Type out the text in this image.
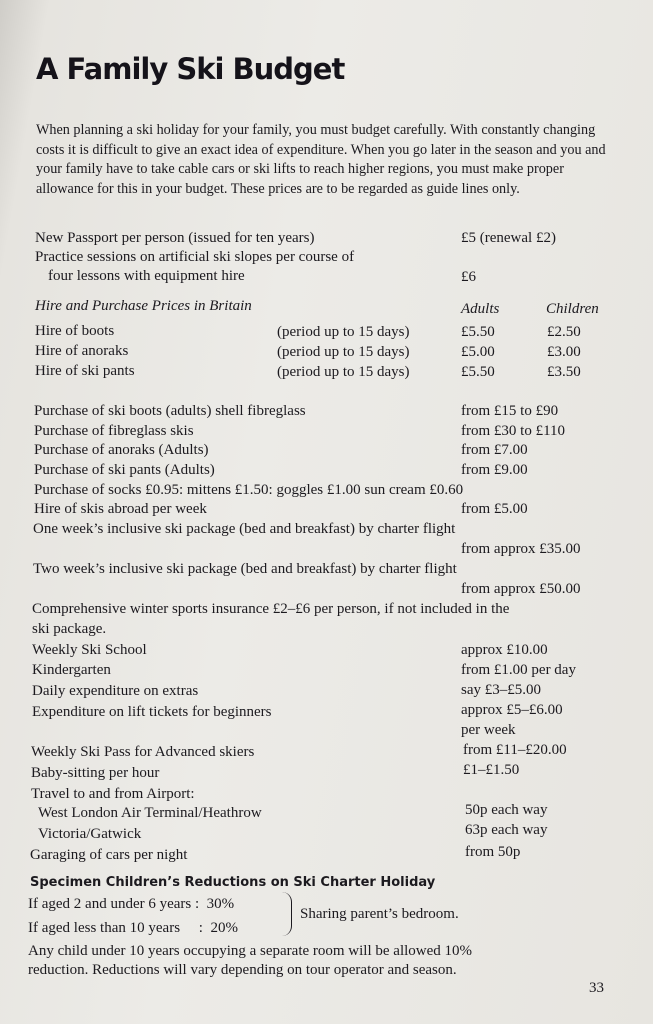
A Family Ski Budget

When planning a ski holiday for your family, you must budget carefully. With constantly changing costs it is difficult to give an exact idea of expenditure. When you go later in the season and you and your family have to take cable cars or ski lifts to reach higher regions, you must make proper allowance for this in your budget. These prices are to be regarded as guide lines only.

New Passport per person (issued for ten years)	£5 (renewal £2)
Practice sessions on artificial ski slopes per course of
four lessons with equipment hire	£6
Hire and Purchase Prices in Britain	Adults	Children
Hire of boots	(period up to 15 days)	£5.50	£2.50
Hire of anoraks	(period up to 15 days)	£5.00	£3.00
Hire of ski pants	(period up to 15 days)	£5.50	£3.50
Purchase of ski boots (adults) shell fibreglass	from £15 to £90
Purchase of fibreglass skis	from £30 to £110
Purchase of anoraks (Adults)	from £7.00
Purchase of ski pants (Adults)	from £9.00
Purchase of socks £0.95: mittens £1.50: goggles £1.00 sun cream £0.60
Hire of skis abroad per week	from £5.00
One week’s inclusive ski package (bed and breakfast) by charter flight
from approx £35.00
Two week’s inclusive ski package (bed and breakfast) by charter flight
from approx £50.00
Comprehensive winter sports insurance £2–£6 per person, if not included in the
ski package.
Weekly Ski School	approx £10.00
Kindergarten	from £1.00 per day
Daily expenditure on extras	say £3–£5.00
Expenditure on lift tickets for beginners	approx £5–£6.00
per week
Weekly Ski Pass for Advanced skiers	from £11–£20.00
Baby-sitting per hour	£1–£1.50
Travel to and from Airport:
West London Air Terminal/Heathrow	50p each way
Victoria/Gatwick	63p each way
Garaging of cars per night	from 50p
Specimen Children’s Reductions on Ski Charter Holiday
If aged 2 and under 6 years :  30%
If aged less than 10 years     :  20%
Sharing parent’s bedroom.
Any child under 10 years occupying a separate room will be allowed 10%
reduction. Reductions will vary depending on tour operator and season.
33
